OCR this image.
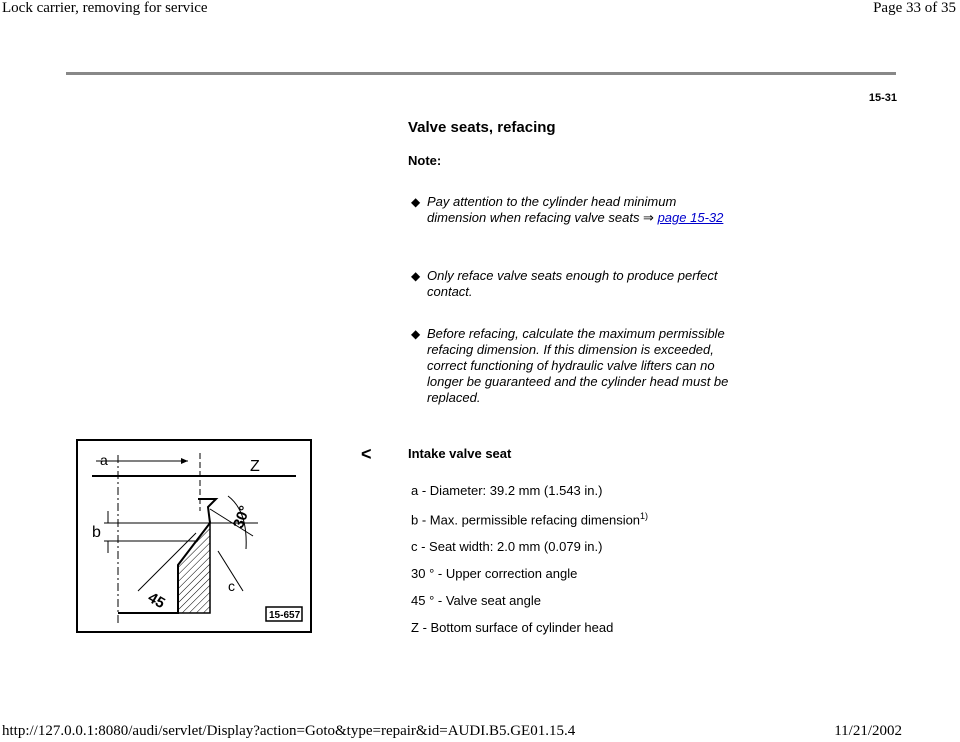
Lock carrier, removing for service	Page 33 of 35
15-31
Valve seats, refacing
Note:
◆ Pay attention to the cylinder head minimum dimension when refacing valve seats ⇒ page 15-32
◆ Only reface valve seats enough to produce perfect contact.
◆ Before refacing, calculate the maximum permissible refacing dimension. If this dimension is exceeded, correct functioning of hydraulic valve lifters can no longer be guaranteed and the cylinder head must be replaced.
a	Z
b
c
30°
45
15-657
<	Intake valve seat
a - Diameter: 39.2 mm (1.543 in.)
b - Max. permissible refacing dimension$^{1)}$
c - Seat width: 2.0 mm (0.079 in.)
30 ° - Upper correction angle
45 ° - Valve seat angle
Z - Bottom surface of cylinder head
http://127.0.0.1:8080/audi/servlet/Display?action=Goto&type=repair&id=AUDI.B5.GE01.15.4	11/21/2002
